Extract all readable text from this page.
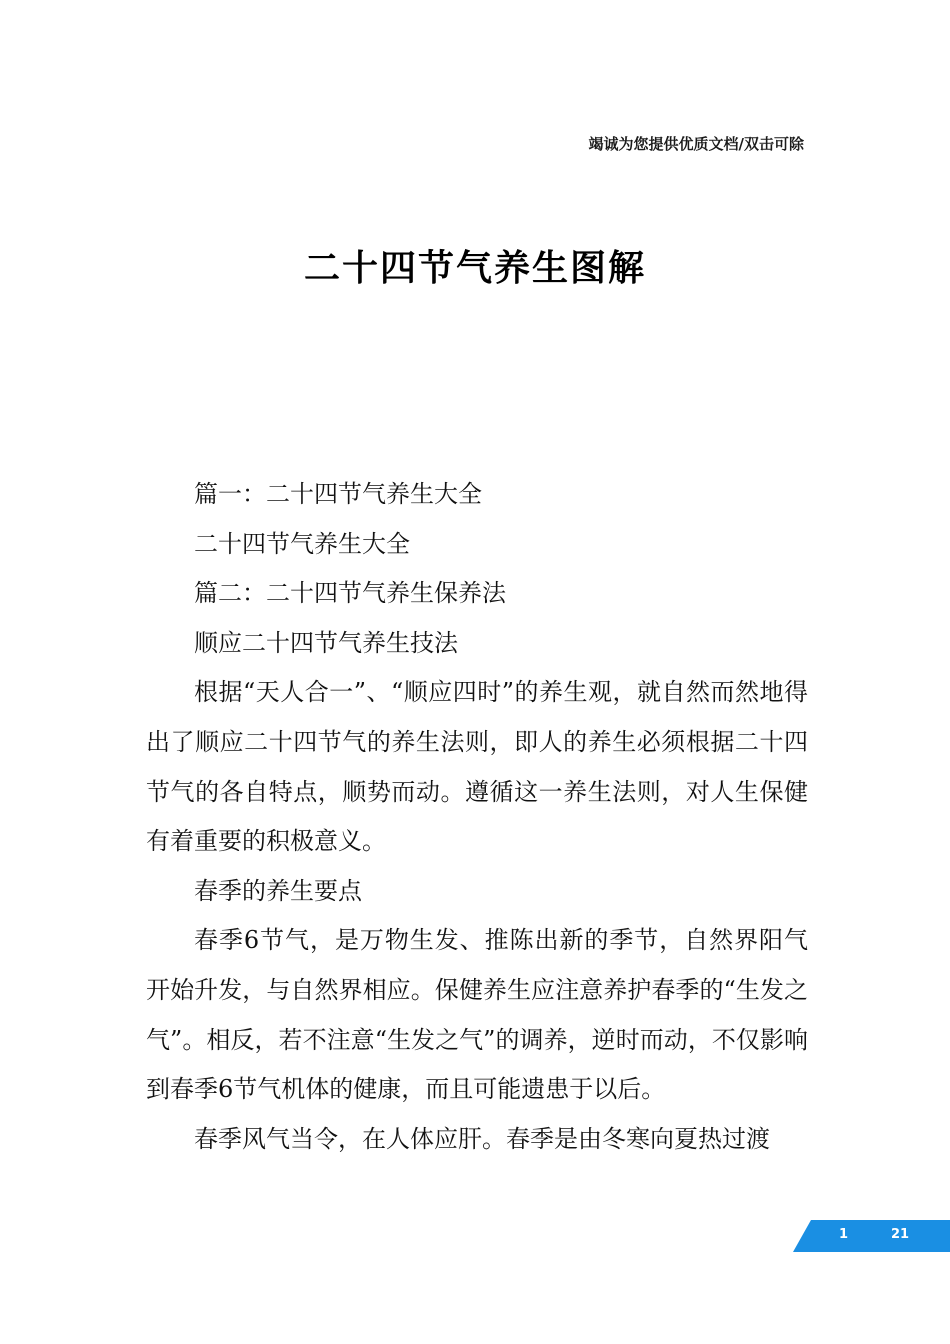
竭诚为您提供优质文档/双击可除
二十四节气养生图解

篇一：二十四节气养生大全

二十四节气养生大全

篇二：二十四节气养生保养法

顺应二十四节气养生技法

根据“天人合一”、“顺应四时”的养生观，就自然而然地得出了顺应二十四节气的养生法则，即人的养生必须根据二十四节气的各自特点，顺势而动。遵循这一养生法则，对人生保健有着重要的积极意义。

春季的养生要点

春季6节气，是万物生发、推陈出新的季节，自然界阳气开始升发，与自然界相应。保健养生应注意养护春季的“生发之气”。相反，若不注意“生发之气”的调养，逆时而动，不仅影响到春季6节气机体的健康，而且可能遗患于以后。

春季风气当令，在人体应肝。春季是由冬寒向夏热过渡

1	21
